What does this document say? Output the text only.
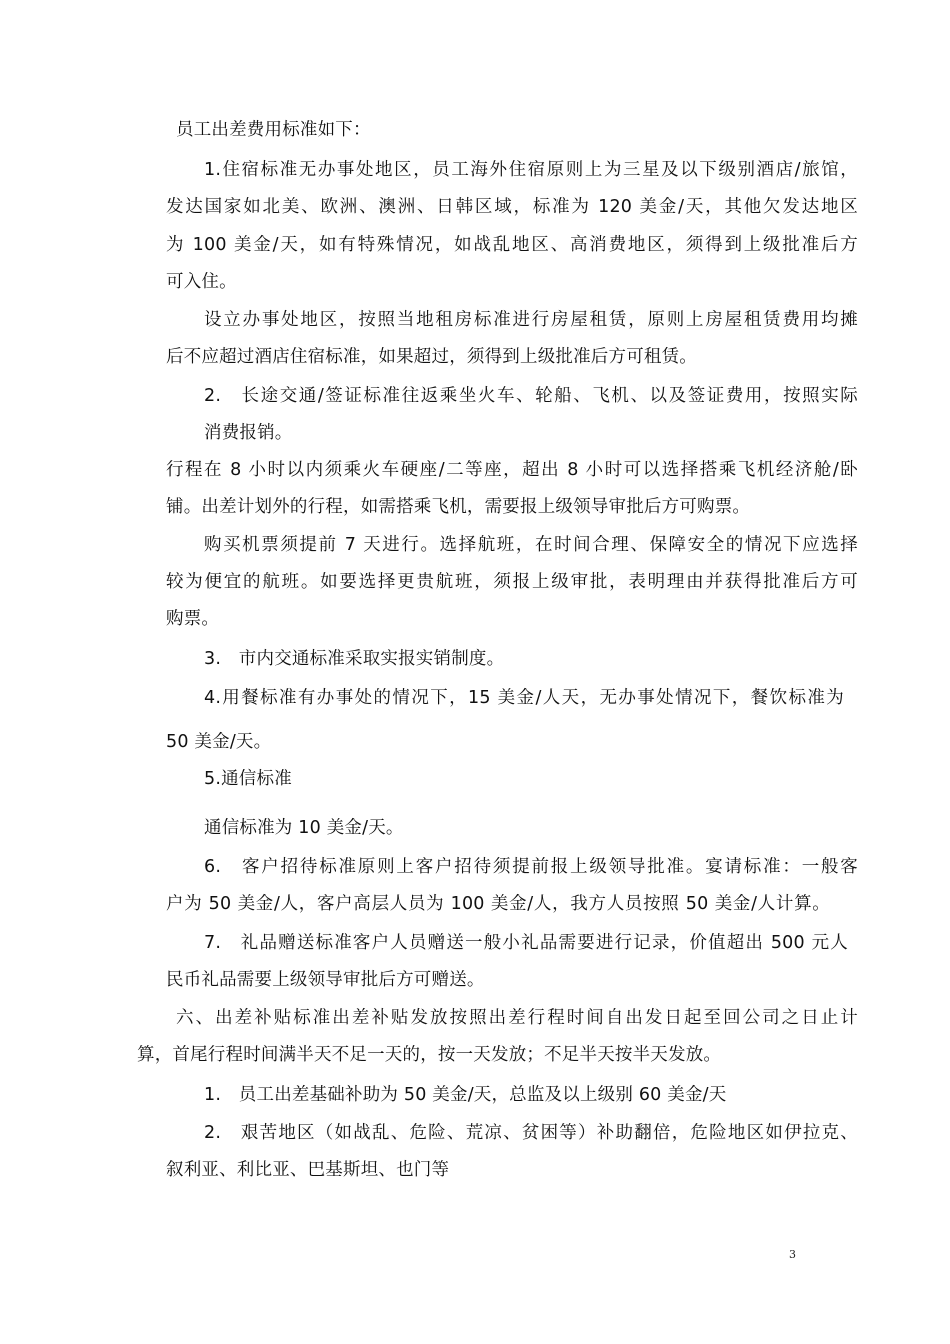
员工出差费用标准如下：
1.住宿标准无办事处地区，员工海外住宿原则上为三星及以下级别酒店/旅馆，
发达国家如北美、欧洲、澳洲、日韩区域，标准为 120 美金/天，其他欠发达地区
为 100 美金/天，如有特殊情况，如战乱地区、高消费地区，须得到上级批准后方
可入住。
设立办事处地区，按照当地租房标准进行房屋租赁，原则上房屋租赁费用均摊
后不应超过酒店住宿标准，如果超过，须得到上级批准后方可租赁。
2.　长途交通/签证标准往返乘坐火车、轮船、飞机、以及签证费用，按照实际
消费报销。
行程在 8 小时以内须乘火车硬座/二等座，超出 8 小时可以选择搭乘飞机经济舱/卧
铺。出差计划外的行程，如需搭乘飞机，需要报上级领导审批后方可购票。
购买机票须提前 7 天进行。选择航班，在时间合理、保障安全的情况下应选择
较为便宜的航班。如要选择更贵航班，须报上级审批，表明理由并获得批准后方可
购票。
3.　市内交通标准采取实报实销制度。
4.用餐标准有办事处的情况下，15 美金/人天，无办事处情况下，餐饮标准为
50 美金/天。
5.通信标准
通信标准为 10 美金/天。
6.　客户招待标准原则上客户招待须提前报上级领导批准。宴请标准：一般客
户为 50 美金/人，客户高层人员为 100 美金/人，我方人员按照 50 美金/人计算。
7.　礼品赠送标准客户人员赠送一般小礼品需要进行记录，价值超出 500 元人
民币礼品需要上级领导审批后方可赠送。
六、出差补贴标准出差补贴发放按照出差行程时间自出发日起至回公司之日止计
算，首尾行程时间满半天不足一天的，按一天发放；不足半天按半天发放。
1.　员工出差基础补助为 50 美金/天，总监及以上级别 60 美金/天
2.　艰苦地区（如战乱、危险、荒凉、贫困等）补助翻倍，危险地区如伊拉克、
叙利亚、利比亚、巴基斯坦、也门等
3
